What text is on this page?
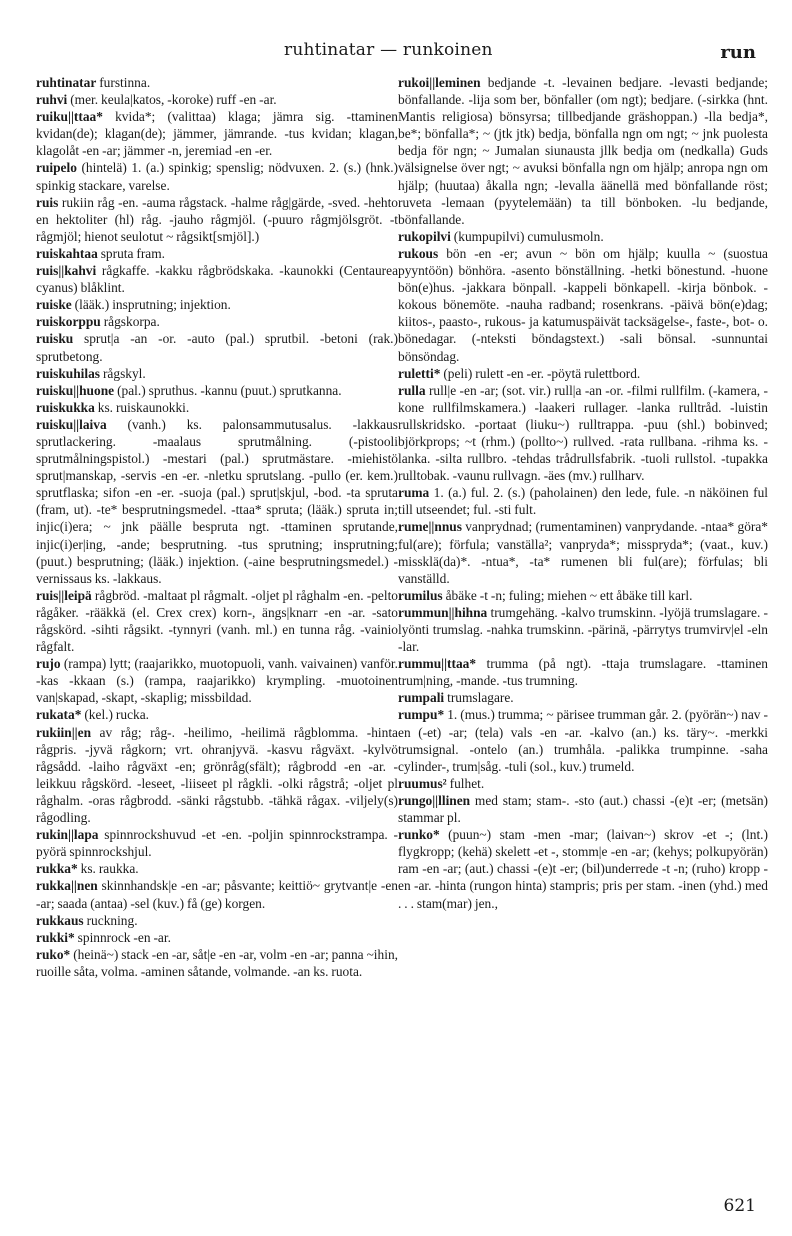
ruhtinatar — runkoinen	run

ruhtinatar furstinna.

ruhvi (mer. keula|katos, -koroke) ruff -en -ar.

ruiku||ttaa* kvida*; (valittaa) klaga; jämra sig. -ttaminen kvidan(de); klagan(de); jämmer, jämrande. -tus kvidan; klagan, klagolåt -en -ar; jämmer -n, jeremiad -en -er.

ruipelo (hintelä) 1. (a.) spinkig; spenslig; nödvuxen. 2. (s.) (hnk.) spinkig stackare, varelse.

ruis rukiin råg -en. -auma rågstack. -halme råg|gärde, -sved. -hehto en hektoliter (hl) råg. -jauho rågmjöl. (-puuro rågmjölsgröt. -t rågmjöl; hienot seulotut ~ rågsikt[smjöl].)

ruiskahtaa spruta fram.

ruis||kahvi rågkaffe. -kakku rågbrödskaka. -kaunokki (Centaurea cyanus) blåklint.

ruiske (lääk.) insprutning; injektion.

ruiskorppu rågskorpa.

ruisku sprut|a -an -or. -auto (pal.) sprutbil. -betoni (rak.) sprutbetong.

ruiskuhilas rågskyl.

ruisku||huone (pal.) spruthus. -kannu (puut.) sprutkanna.

ruiskukka ks. ruiskaunokki.

ruisku||laiva (vanh.) ks. palonsammutusalus. -lakkaus sprutlackering. -maalaus sprutmålning. (-pistooli sprutmålningspistol.) -mestari (pal.) sprutmästare. -miehistö sprut|manskap, -servis -en -er. -nletku sprutslang. -pullo (er. kem.) sprutflaska; sifon -en -er. -suoja (pal.) sprut|skjul, -bod. -ta spruta (fram, ut). -te* besprutningsmedel. -ttaa* spruta; (lääk.) spruta in; injic(i)era; ~ jnk päälle bespruta ngt. -ttaminen sprutande, injic(i)er|ing, -ande; besprutning. -tus sprutning; insprutning; (puut.) besprutning; (lääk.) injektion. (-aine besprutningsmedel.) -vernissaus ks. -lakkaus.

ruis||leipä rågbröd. -maltaat pl rågmalt. -oljet pl råghalm -en. -pelto rågåker. -rääkkä (el. Crex crex) korn-, ängs|knarr -en -ar. -sato rågskörd. -sihti rågsikt. -tynnyri (vanh. ml.) en tunna råg. -vainio rågfalt.

rujo (rampa) lytt; (raajarikko, muotopuoli, vanh. vaivainen) vanför. -kas -kkaan (s.) (rampa, raajarikko) krympling. -muotoinen van|skapad, -skapt, -skaplig; missbildad.

rukata* (kel.) rucka.

rukiin||en av råg; råg-. -heilimo, -heilimä rågblomma. -hinta rågpris. -jyvä rågkorn; vrt. ohranjyvä. -kasvu rågväxt. -kylvö rågsådd. -laiho rågväxt -en; grönråg(sfält); rågbrodd -en -ar. -leikkuu rågskörd. -leseet, -liiseet pl rågkli. -olki rågstrå; -oljet pl råghalm. -oras rågbrodd. -sänki rågstubb. -tähkä rågax. -viljely(s) rågodling.

rukin||lapa spinnrockshuvud -et -en. -poljin spinnrockstrampa. -pyörä spinnrockshjul.

rukka* ks. raukka.

rukka||nen skinnhandsk|e -en -ar; påsvante; keittiö~ grytvant|e -en -ar; saada (antaa) -sel (kuv.) få (ge) korgen.

rukkaus ruckning.

rukki* spinnrock -en -ar.

ruko* (heinä~) stack -en -ar, såt|e -en -ar, volm -en -ar; panna ~ihin, ruoille såta, volma. -aminen såtande, volmande. -an ks. ruota.

rukoi||leminen bedjande -t. -levainen bedjare. -levasti bedjande; bönfallande. -lija som ber, bönfaller (om ngt); bedjare. (-sirkka (hnt. Mantis religiosa) bönsyrsa; tillbedjande gräshoppan.) -lla bedja*, be*; bönfalla*; ~ (jtk jtk) bedja, bönfalla ngn om ngt; ~ jnk puolesta bedja för ngn; ~ Jumalan siunausta jllk bedja om (nedkalla) Guds välsignelse över ngt; ~ avuksi bönfalla ngn om hjälp; anropa ngn om hjälp; (huutaa) åkalla ngn; -levalla äänellä med bönfallande röst; ruveta -lemaan (pyytelemään) ta till bönboken. -lu bedjande, bönfallande.

rukopilvi (kumpupilvi) cumulusmoln.

rukous bön -en -er; avun ~ bön om hjälp; kuulla ~ (suostua pyyntöön) bönhöra. -asento bönställning. -hetki bönestund. -huone bön(e)hus. -jakkara bönpall. -kappeli bönkapell. -kirja bönbok. -kokous bönemöte. -nauha radband; rosenkrans. -päivä bön(e)dag; kiitos-, paasto-, rukous- ja katumuspäivät tacksägelse-, faste-, bot- o. bönedagar. (-nteksti böndagstext.) -sali bönsal. -sunnuntai bönsöndag.

ruletti* (peli) rulett -en -er. -pöytä rulettbord.

rulla rull|e -en -ar; (sot. vir.) rull|a -an -or. -filmi rullfilm. (-kamera, -kone rullfilmskamera.) -laakeri rullager. -lanka rulltråd. -luistin rullskridsko. -portaat (liuku~) rulltrappa. -puu (shl.) bobinved; björkprops; ~t (rhm.) (pollto~) rullved. -rata rullbana. -rihma ks. -lanka. -silta rullbro. -tehdas trådrullsfabrik. -tuoli rullstol. -tupakka rulltobak. -vaunu rullvagn. -äes (mv.) rullharv.

ruma 1. (a.) ful. 2. (s.) (paholainen) den lede, fule. -n näköinen ful till utseendet; ful. -sti fult.

rume||nnus vanprydnad; (rumentaminen) vanprydande. -ntaa* göra* ful(are); förfula; vanställa²; vanpryda*; misspryda*; (vaat., kuv.) missklä(da)*. -ntua*, -ta* rumenen bli ful(are); förfulas; bli vanställd.

rumilus åbäke -t -n; fuling; miehen ~ ett åbäke till karl.

rummun||hihna trumgehäng. -kalvo trumskinn. -lyöjä trumslagare. -lyönti trumslag. -nahka trumskinn. -pärinä, -pärrytys trumvirv|el -eln -lar.

rummu||ttaa* trumma (på ngt). -ttaja trumslagare. -ttaminen trum|ning, -mande. -tus trumning.

rumpali trumslagare.

rumpu* 1. (mus.) trumma; ~ pärisee trumman går. 2. (pyörän~) nav -en (-et) -ar; (tela) vals -en -ar. -kalvo (an.) ks. täry~. -merkki trumsignal. -ontelo (an.) trumhåla. -palikka trumpinne. -saha cylinder-, trum|såg. -tuli (sol., kuv.) trumeld.

ruumus² fulhet.

rungo||llinen med stam; stam-. -sto (aut.) chassi -(e)t -er; (metsän) stammar pl.

runko* (puun~) stam -men -mar; (laivan~) skrov -et -; (lnt.) flygkropp; (kehä) skelett -et -, stomm|e -en -ar; (kehys; polkupyörän) ram -en -ar; (aut.) chassi -(e)t -er; (bil)underrede -t -n; (ruho) kropp -en -ar. -hinta (rungon hinta) stampris; pris per stam. -inen (yhd.) med . . . stam(mar) jen.,

621
